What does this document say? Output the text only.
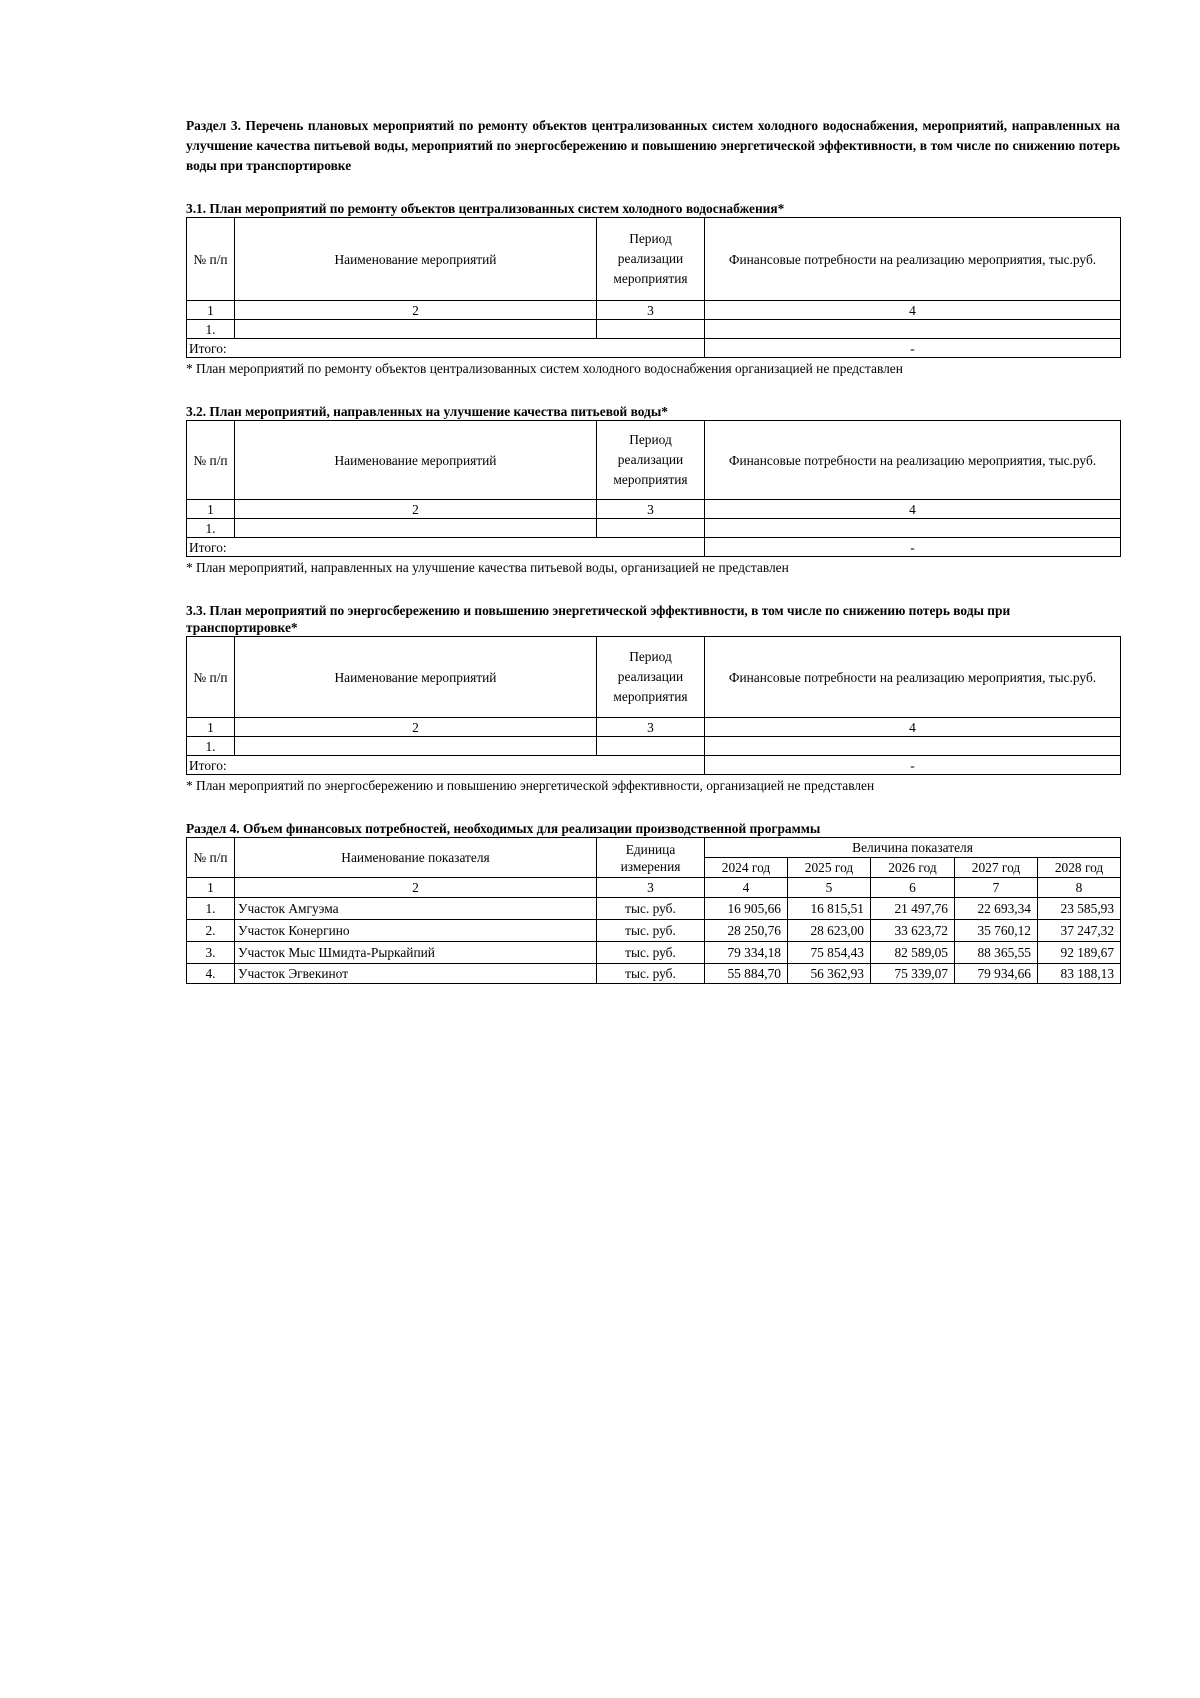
Раздел 3. Перечень плановых мероприятий по ремонту объектов централизованных систем холодного водоснабжения, мероприятий, направленных на улучшение качества питьевой воды, мероприятий по энергосбережению и повышению энергетической эффективности, в том числе по снижению потерь воды при транспортировке

3.1. План мероприятий по ремонту объектов централизованных систем холодного водоснабжения*

№ п/п	Наименование мероприятий	Период реализации мероприятия	Финансовые потребности на реализацию мероприятия, тыс.руб.
1	2	3	4
1.			
Итого:			-

* План мероприятий по ремонту объектов централизованных систем холодного водоснабжения организацией не представлен

3.2. План мероприятий, направленных на улучшение качества питьевой воды*

№ п/п	Наименование мероприятий	Период реализации мероприятия	Финансовые потребности на реализацию мероприятия, тыс.руб.
1	2	3	4
1.			
Итого:			-

* План мероприятий, направленных на улучшение качества питьевой воды, организацией не представлен

3.3. План мероприятий по энергосбережению и повышению энергетической эффективности, в том числе по снижению потерь воды при транспортировке*

№ п/п	Наименование мероприятий	Период реализации мероприятия	Финансовые потребности на реализацию мероприятия, тыс.руб.
1	2	3	4
1.			
Итого:			-

* План мероприятий по энергосбережению и повышению энергетической эффективности, организацией не представлен

Раздел 4. Объем финансовых потребностей, необходимых для реализации производственной программы

№ п/п	Наименование показателя	Единица измерения	Величина показателя				
			2024 год	2025 год	2026 год	2027 год	2028 год
1	2	3	4	5	6	7	8
1.	Участок Амгуэма	тыс. руб.	16 905,66	16 815,51	21 497,76	22 693,34	23 585,93
2.	Участок Конергино	тыс. руб.	28 250,76	28 623,00	33 623,72	35 760,12	37 247,32
3.	Участок Мыс Шмидта-Рыркайпий	тыс. руб.	79 334,18	75 854,43	82 589,05	88 365,55	92 189,67
4.	Участок Эгвекинот	тыс. руб.	55 884,70	56 362,93	75 339,07	79 934,66	83 188,13
